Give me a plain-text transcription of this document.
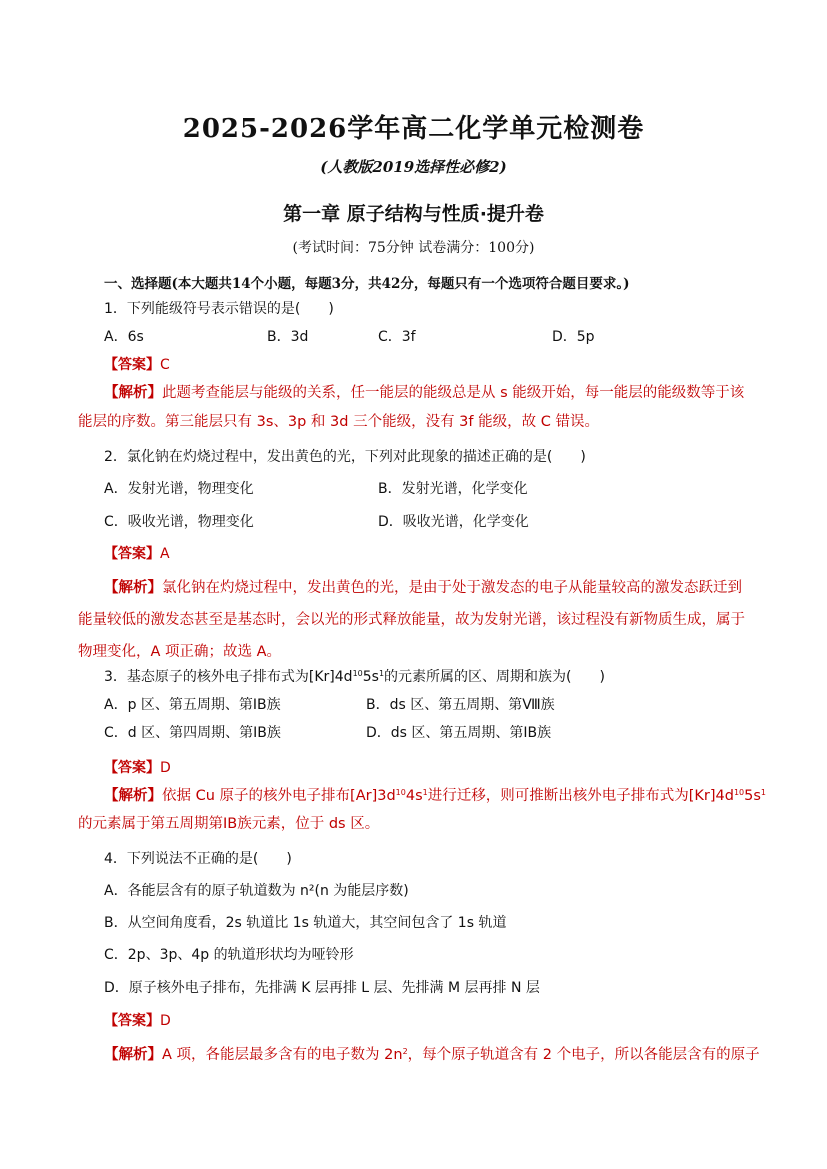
2025-2026学年高二化学单元检测卷
(人教版2019选择性必修2)
第一章 原子结构与性质·提升卷
(考试时间：75分钟 试卷满分：100分)
一、选择题(本大题共14个小题，每题3分，共42分，每题只有一个选项符合题目要求。)
1．下列能级符号表示错误的是(　　)
A．6s	B．3d	C．3f	D．5p
【答案】C
【解析】此题考查能层与能级的关系，任一能层的能级总是从 s 能级开始，每一能层的能级数等于该
能层的序数。第三能层只有 3s、3p 和 3d 三个能级，没有 3f 能级，故 C 错误。
2．氯化钠在灼烧过程中，发出黄色的光，下列对此现象的描述正确的是(　　)
A．发射光谱，物理变化	B．发射光谱，化学变化
C．吸收光谱，物理变化	D．吸收光谱，化学变化
【答案】A
【解析】氯化钠在灼烧过程中，发出黄色的光，是由于处于激发态的电子从能量较高的激发态跃迁到
能量较低的激发态甚至是基态时，会以光的形式释放能量，故为发射光谱，该过程没有新物质生成，属于
物理变化，A 项正确；故选 A。
3．基态原子的核外电子排布式为$[Kr]4d^{10}5s^1$的元素所属的区、周期和族为(　　)
A．p 区、第五周期、第ⅠB族	B．ds 区、第五周期、第Ⅷ族
C．d 区、第四周期、第ⅠB族	D．ds 区、第五周期、第ⅠB族
【答案】D
【解析】依据 Cu 原子的核外电子排布$[Ar]3d^{10}4s^1$进行迁移，则可推断出核外电子排布式为$[Kr]4d^{10}5s^1$
的元素属于第五周期第ⅠB族元素，位于 ds 区。
4．下列说法不正确的是(　　)
A．各能层含有的原子轨道数为 n²(n 为能层序数)
B．从空间角度看，2s 轨道比 1s 轨道大，其空间包含了 1s 轨道
C．2p、3p、4p 的轨道形状均为哑铃形
D．原子核外电子排布，先排满 K 层再排 L 层、先排满 M 层再排 N 层
【答案】D
【解析】A 项，各能层最多含有的电子数为 $2n^2$，每个原子轨道含有 2 个电子，所以各能层含有的原子
